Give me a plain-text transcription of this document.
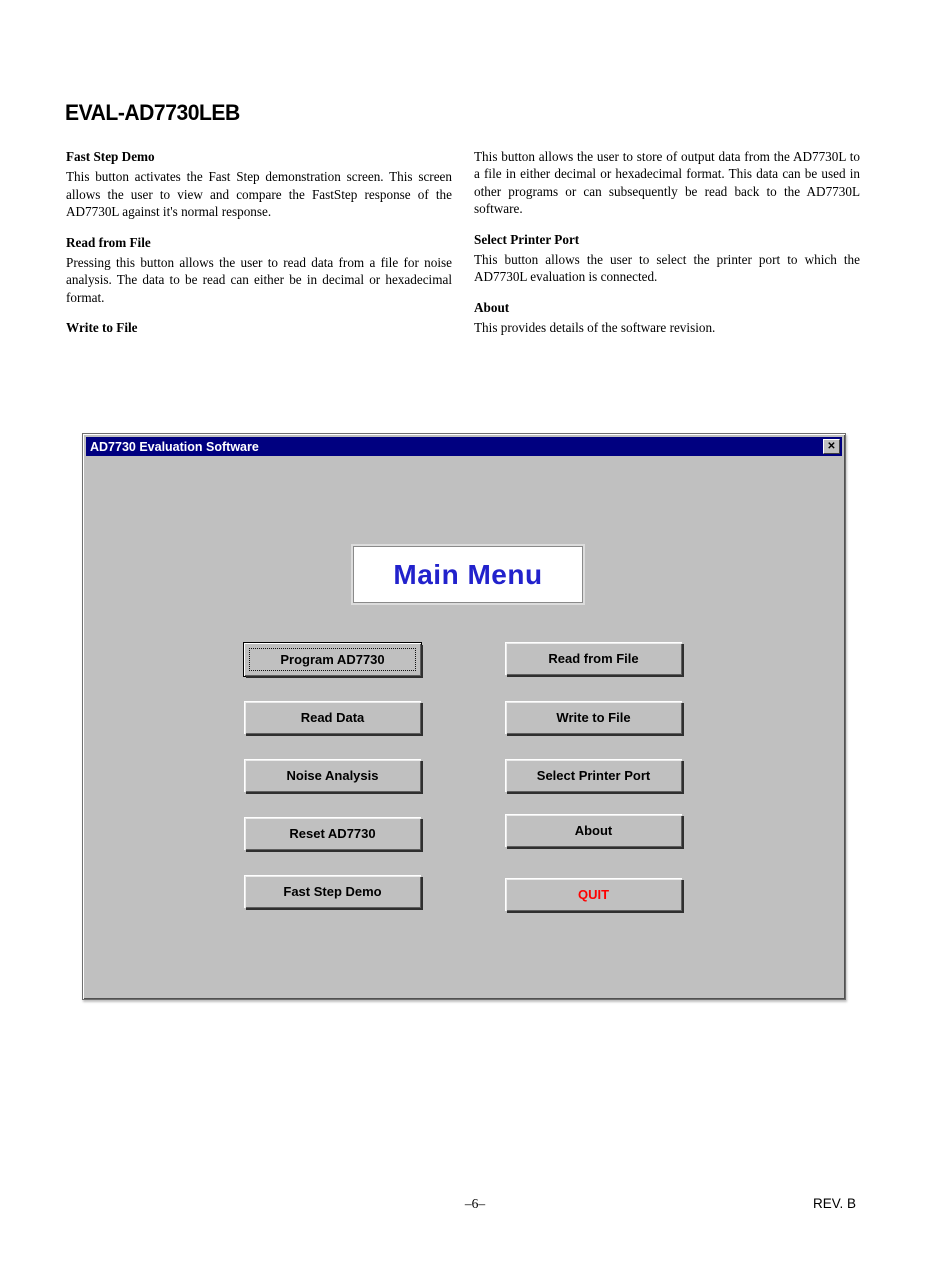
EVAL-AD7730LEB
Fast Step Demo

This button activates the Fast Step demonstration screen. This screen allows the user to view and compare the FastStep response of the AD7730L against it's normal response.

Read from File

Pressing this button allows the user to read data from a file for noise analysis. The data to be read can either be in decimal or hexadecimal format.

Write to File

This button allows the user to store of output data from the AD7730L to a file in either decimal or hexadecimal format. This data can be used in other programs or can subsequently be read back to the AD7730L software.

Select Printer Port

This button allows the user to select the printer port to which the AD7730L evaluation is connected.

About

This provides details of the software revision.

AD7730 Evaluation Software	✕
Main Menu
Program AD7730
Read Data
Noise Analysis
Reset AD7730
Fast Step Demo
Read from File
Write to File
Select Printer Port
About
QUIT
–6–	REV. B
